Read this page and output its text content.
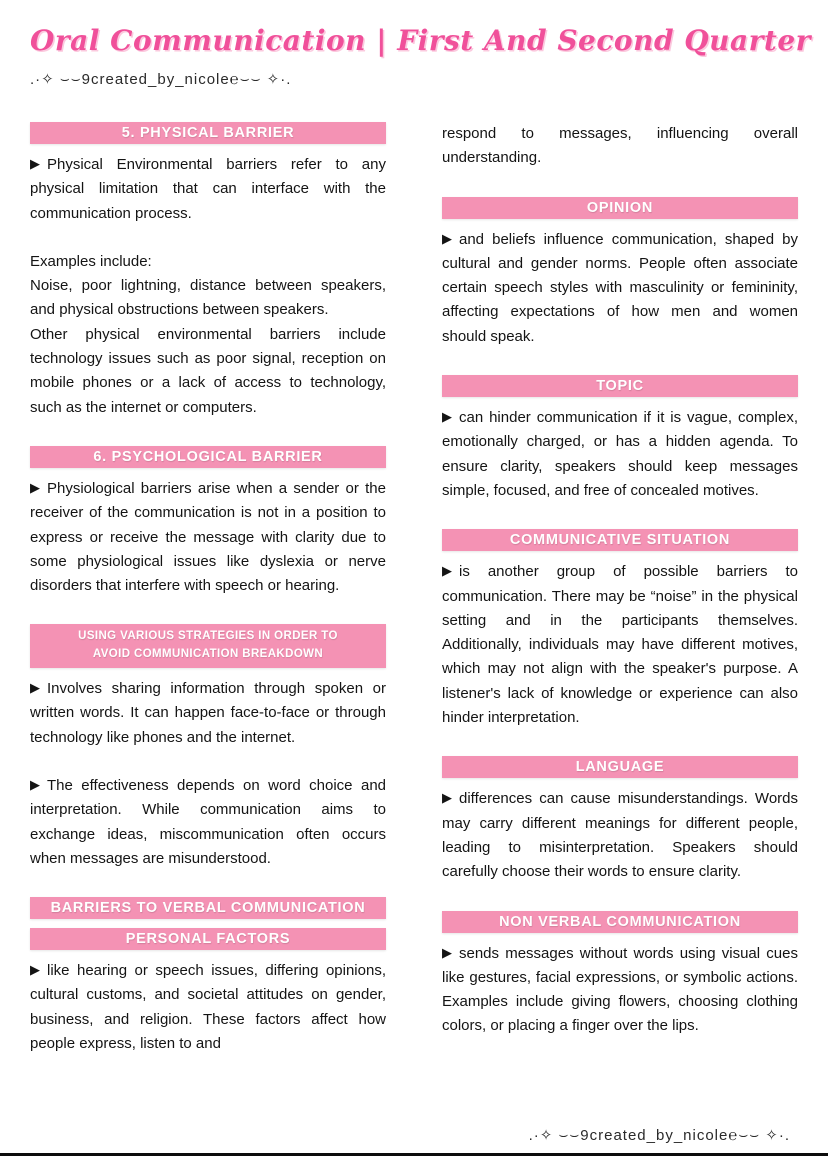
Oral Communication | First And Second Quarter
.·✧ ⌣⌣9created_by_nicole℮⌣⌣ ✧·.
5. PHYSICAL BARRIER
▶ Physical Environmental barriers refer to any physical limitation that can interface with the communication process.
Examples include:
Noise, poor lightning, distance between speakers, and physical obstructions between speakers.
Other physical environmental barriers include technology issues such as poor signal, reception on mobile phones or a lack of access to technology, such as the internet or computers.
6. PSYCHOLOGICAL BARRIER
▶ Physiological barriers arise when a sender or the receiver of the communication is not in a position to express or receive the message with clarity due to some physiological issues like dyslexia or nerve disorders that interfere with speech or hearing.
USING VARIOUS STRATEGIES IN ORDER TO
AVOID COMMUNICATION BREAKDOWN
▶ Involves sharing information through spoken or written words. It can happen face-to-face or through technology like phones and the internet.
▶ The effectiveness depends on word choice and interpretation. While communication aims to exchange ideas, miscommunication often occurs when messages are misunderstood.
BARRIERS TO VERBAL COMMUNICATION
PERSONAL FACTORS
▶ like hearing or speech issues, differing opinions, cultural customs, and societal attitudes on gender, business, and religion. These factors affect how people express, listen to and
respond to messages, influencing overall understanding.
OPINION
▶ and beliefs influence communication, shaped by cultural and gender norms. People often associate certain speech styles with masculinity or femininity, affecting expectations of how men and women should speak.
TOPIC
▶ can hinder communication if it is vague, complex, emotionally charged, or has a hidden agenda. To ensure clarity, speakers should keep messages simple, focused, and free of concealed motives.
COMMUNICATIVE SITUATION
▶ is another group of possible barriers to communication. There may be “noise” in the physical setting and in the participants themselves. Additionally, individuals may have different motives, which may not align with the speaker's purpose. A listener's lack of knowledge or experience can also hinder interpretation.
LANGUAGE
▶ differences can cause misunderstandings. Words may carry different meanings for different people, leading to misinterpretation. Speakers should carefully choose their words to ensure clarity.
NON VERBAL COMMUNICATION
▶ sends messages without words using visual cues like gestures, facial expressions, or symbolic actions. Examples include giving flowers, choosing clothing colors, or placing a finger over the lips.
.·✧ ⌣⌣9created_by_nicole℮⌣⌣ ✧·.
